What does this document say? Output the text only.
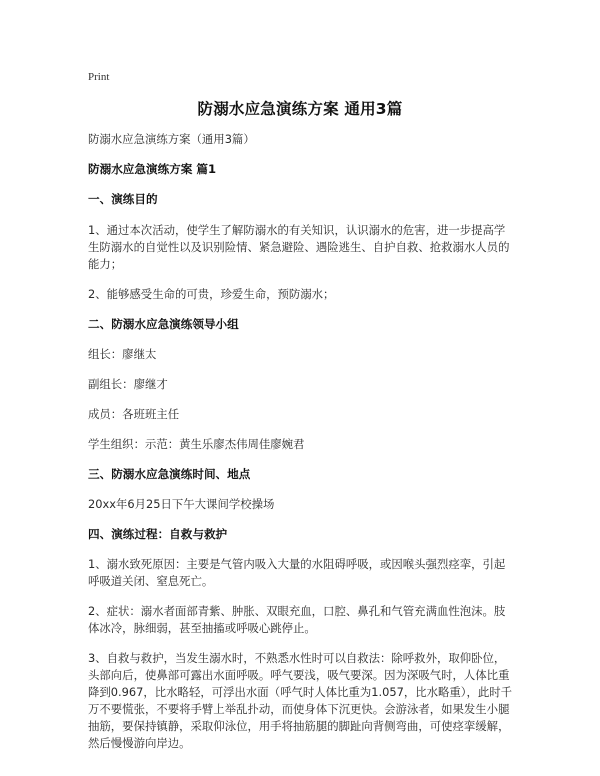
Print
防溺水应急演练方案 通用3篇

防溺水应急演练方案（通用3篇）

防溺水应急演练方案 篇1

一、演练目的

1、通过本次活动，使学生了解防溺水的有关知识，认识溺水的危害，进一步提高学生防溺水的自觉性以及识别险情、紧急避险、遇险逃生、自护自救、抢救溺水人员的能力；

2、能够感受生命的可贵，珍爱生命，预防溺水；

二、防溺水应急演练领导小组

组长：廖继太

副组长：廖继才

成员：各班班主任

学生组织：示范：黄生乐廖杰伟周佳廖婉君

三、防溺水应急演练时间、地点

20xx年6月25日下午大课间学校操场

四、演练过程：自救与救护

1、溺水致死原因：主要是气管内吸入大量的水阻碍呼吸，或因喉头强烈痉挛，引起呼吸道关闭、窒息死亡。

2、症状：溺水者面部青紫、肿胀、双眼充血，口腔、鼻孔和气管充满血性泡沫。肢体冰冷，脉细弱，甚至抽搐或呼吸心跳停止。

3、自救与救护，当发生溺水时，不熟悉水性时可以自救法：除呼救外，取仰卧位，头部向后，使鼻部可露出水面呼吸。呼气要浅，吸气要深。因为深吸气时，人体比重降到0.967，比水略轻，可浮出水面（呼气时人体比重为1.057，比水略重），此时千万不要慌张，不要将手臂上举乱扑动，而使身体下沉更快。会游泳者，如果发生小腿抽筋，要保持镇静，采取仰泳位，用手将抽筋腿的脚趾向背侧弯曲，可使痉挛缓解，然后慢慢游向岸边。
